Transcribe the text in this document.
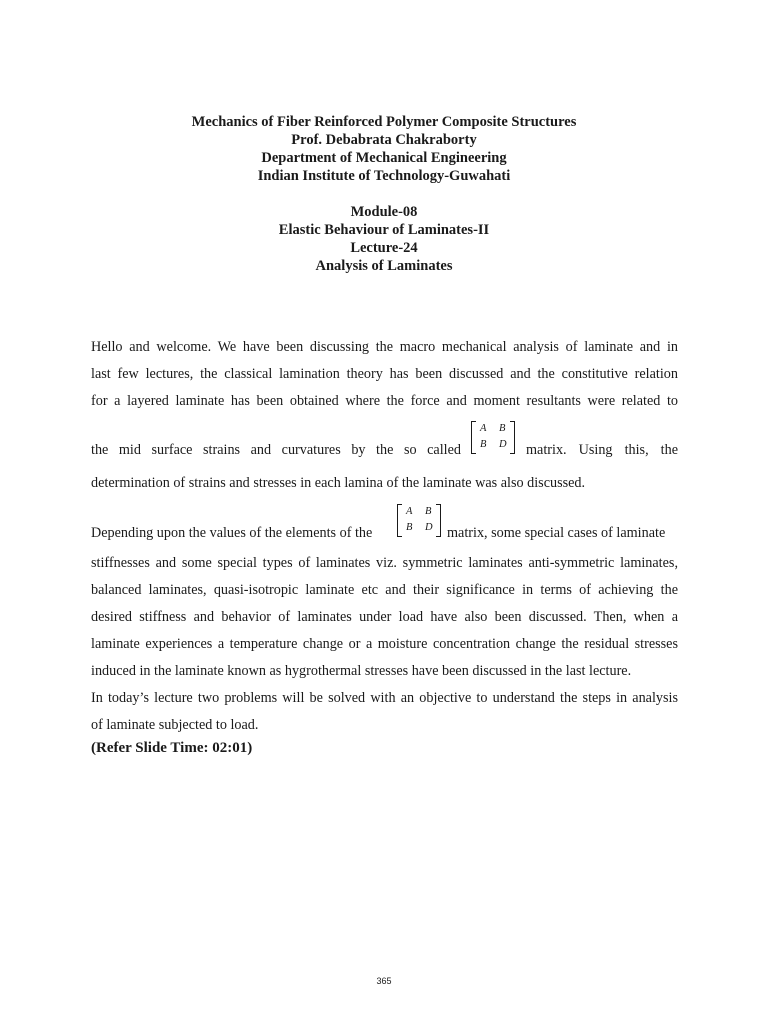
Mechanics of Fiber Reinforced Polymer Composite Structures
Prof. Debabrata Chakraborty
Department of Mechanical Engineering
Indian Institute of Technology-Guwahati
Module-08
Elastic Behaviour of Laminates-II
Lecture-24
Analysis of Laminates
Hello and welcome. We have been discussing the macro mechanical analysis of laminate and in
last few lectures, the classical lamination theory has been discussed and the constitutive relation
for a layered laminate has been obtained where the force and moment resultants were related to
the mid surface strains and curvatures by the so called
A B
B D matrix. Using this, the
determination of strains and stresses in each lamina of the laminate was also discussed.
Depending upon the values of the elements of the
A B
B D matrix, some special cases of laminate
stiffnesses and some special types of laminates viz. symmetric laminates anti-symmetric laminates,
balanced laminates, quasi-isotropic laminate etc and their significance in terms of achieving the
desired stiffness and behavior of laminates under load have also been discussed. Then, when a
laminate experiences a temperature change or a moisture concentration change the residual stresses
induced in the laminate known as hygrothermal stresses have been discussed in the last lecture.
In today’s lecture two problems will be solved with an objective to understand the steps in analysis
of laminate subjected to load.
(Refer Slide Time: 02:01)
365
